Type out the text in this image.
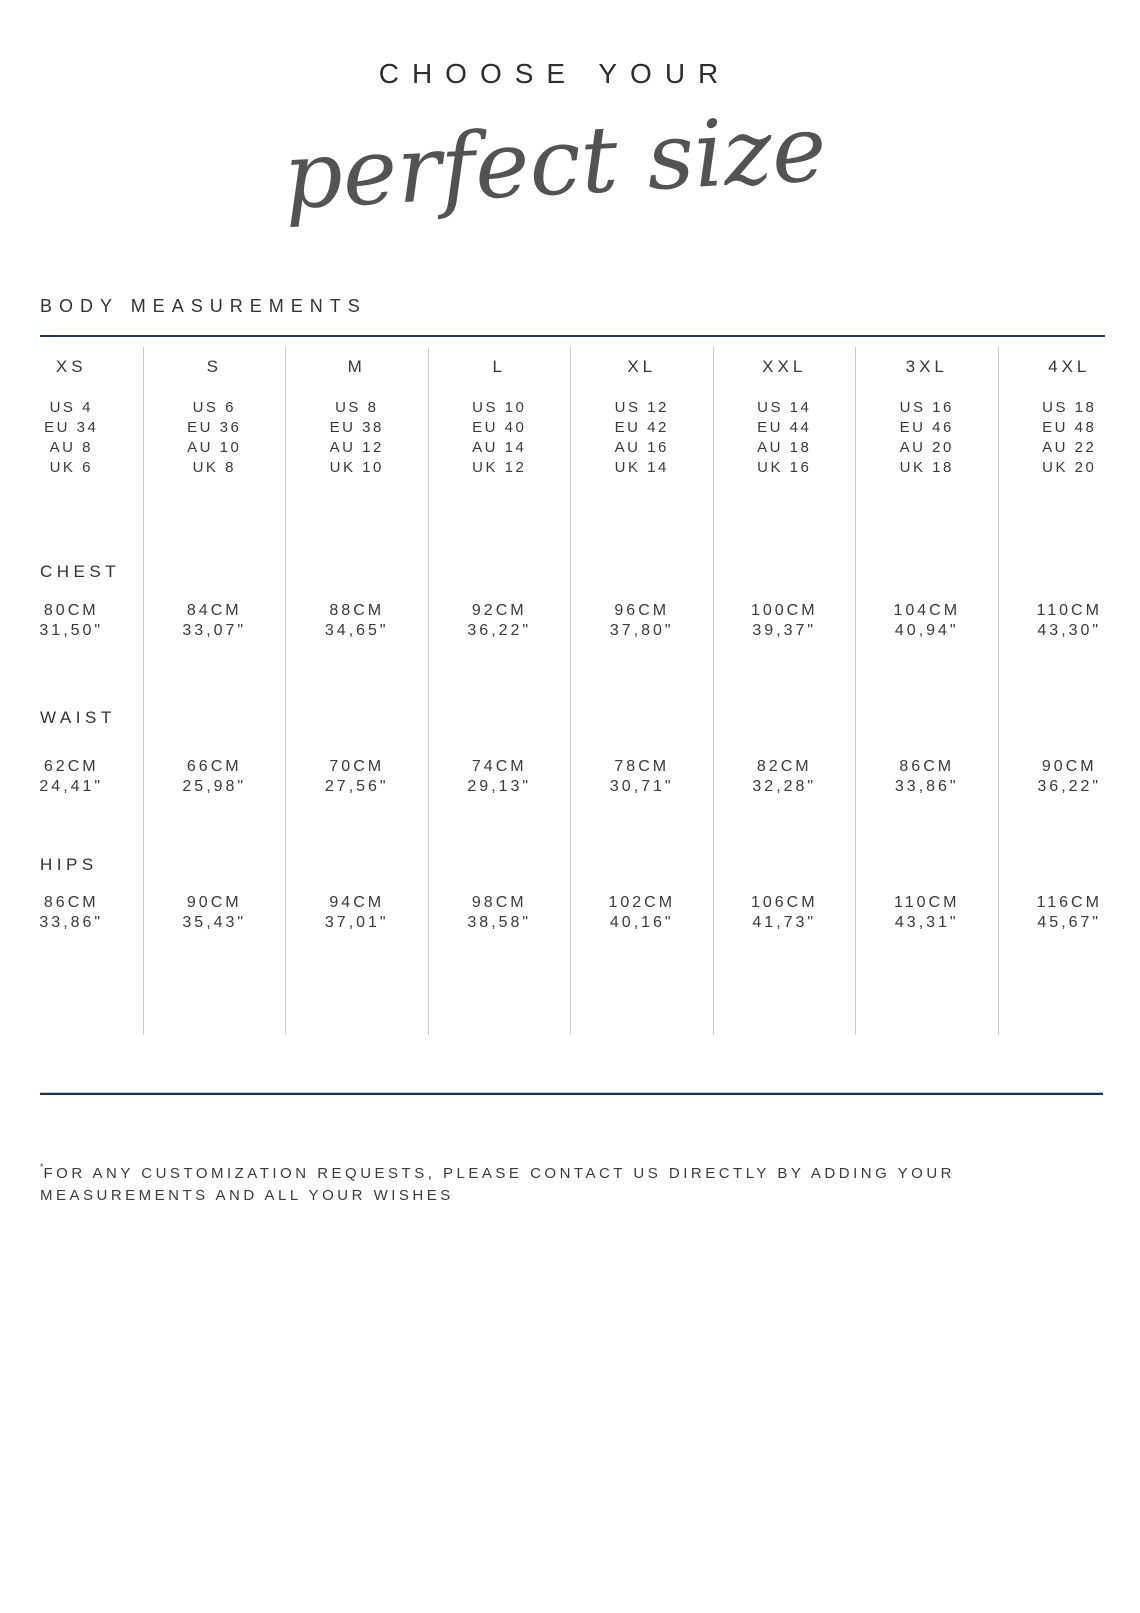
CHOOSE YOUR
perfect size
BODY MEASUREMENTS
XS
US 4
EU 34
AU 8
UK 6
80CM
31,50"
62CM
24,41"
86CM
33,86"
S
US 6
EU 36
AU 10
UK 8
84CM
33,07"
66CM
25,98"
90CM
35,43"
M
US 8
EU 38
AU 12
UK 10
88CM
34,65"
70CM
27,56"
94CM
37,01"
L
US 10
EU 40
AU 14
UK 12
92CM
36,22"
74CM
29,13"
98CM
38,58"
XL
US 12
EU 42
AU 16
UK 14
96CM
37,80"
78CM
30,71"
102CM
40,16"
XXL
US 14
EU 44
AU 18
UK 16
100CM
39,37"
82CM
32,28"
106CM
41,73"
3XL
US 16
EU 46
AU 20
UK 18
104CM
40,94"
86CM
33,86"
110CM
43,31"
4XL
US 18
EU 48
AU 22
UK 20
110CM
43,30"
90CM
36,22"
116CM
45,67"
CHEST
WAIST
HIPS
*FOR ANY CUSTOMIZATION REQUESTS, PLEASE CONTACT US DIRECTLY BY ADDING YOUR MEASUREMENTS AND ALL YOUR WISHES
